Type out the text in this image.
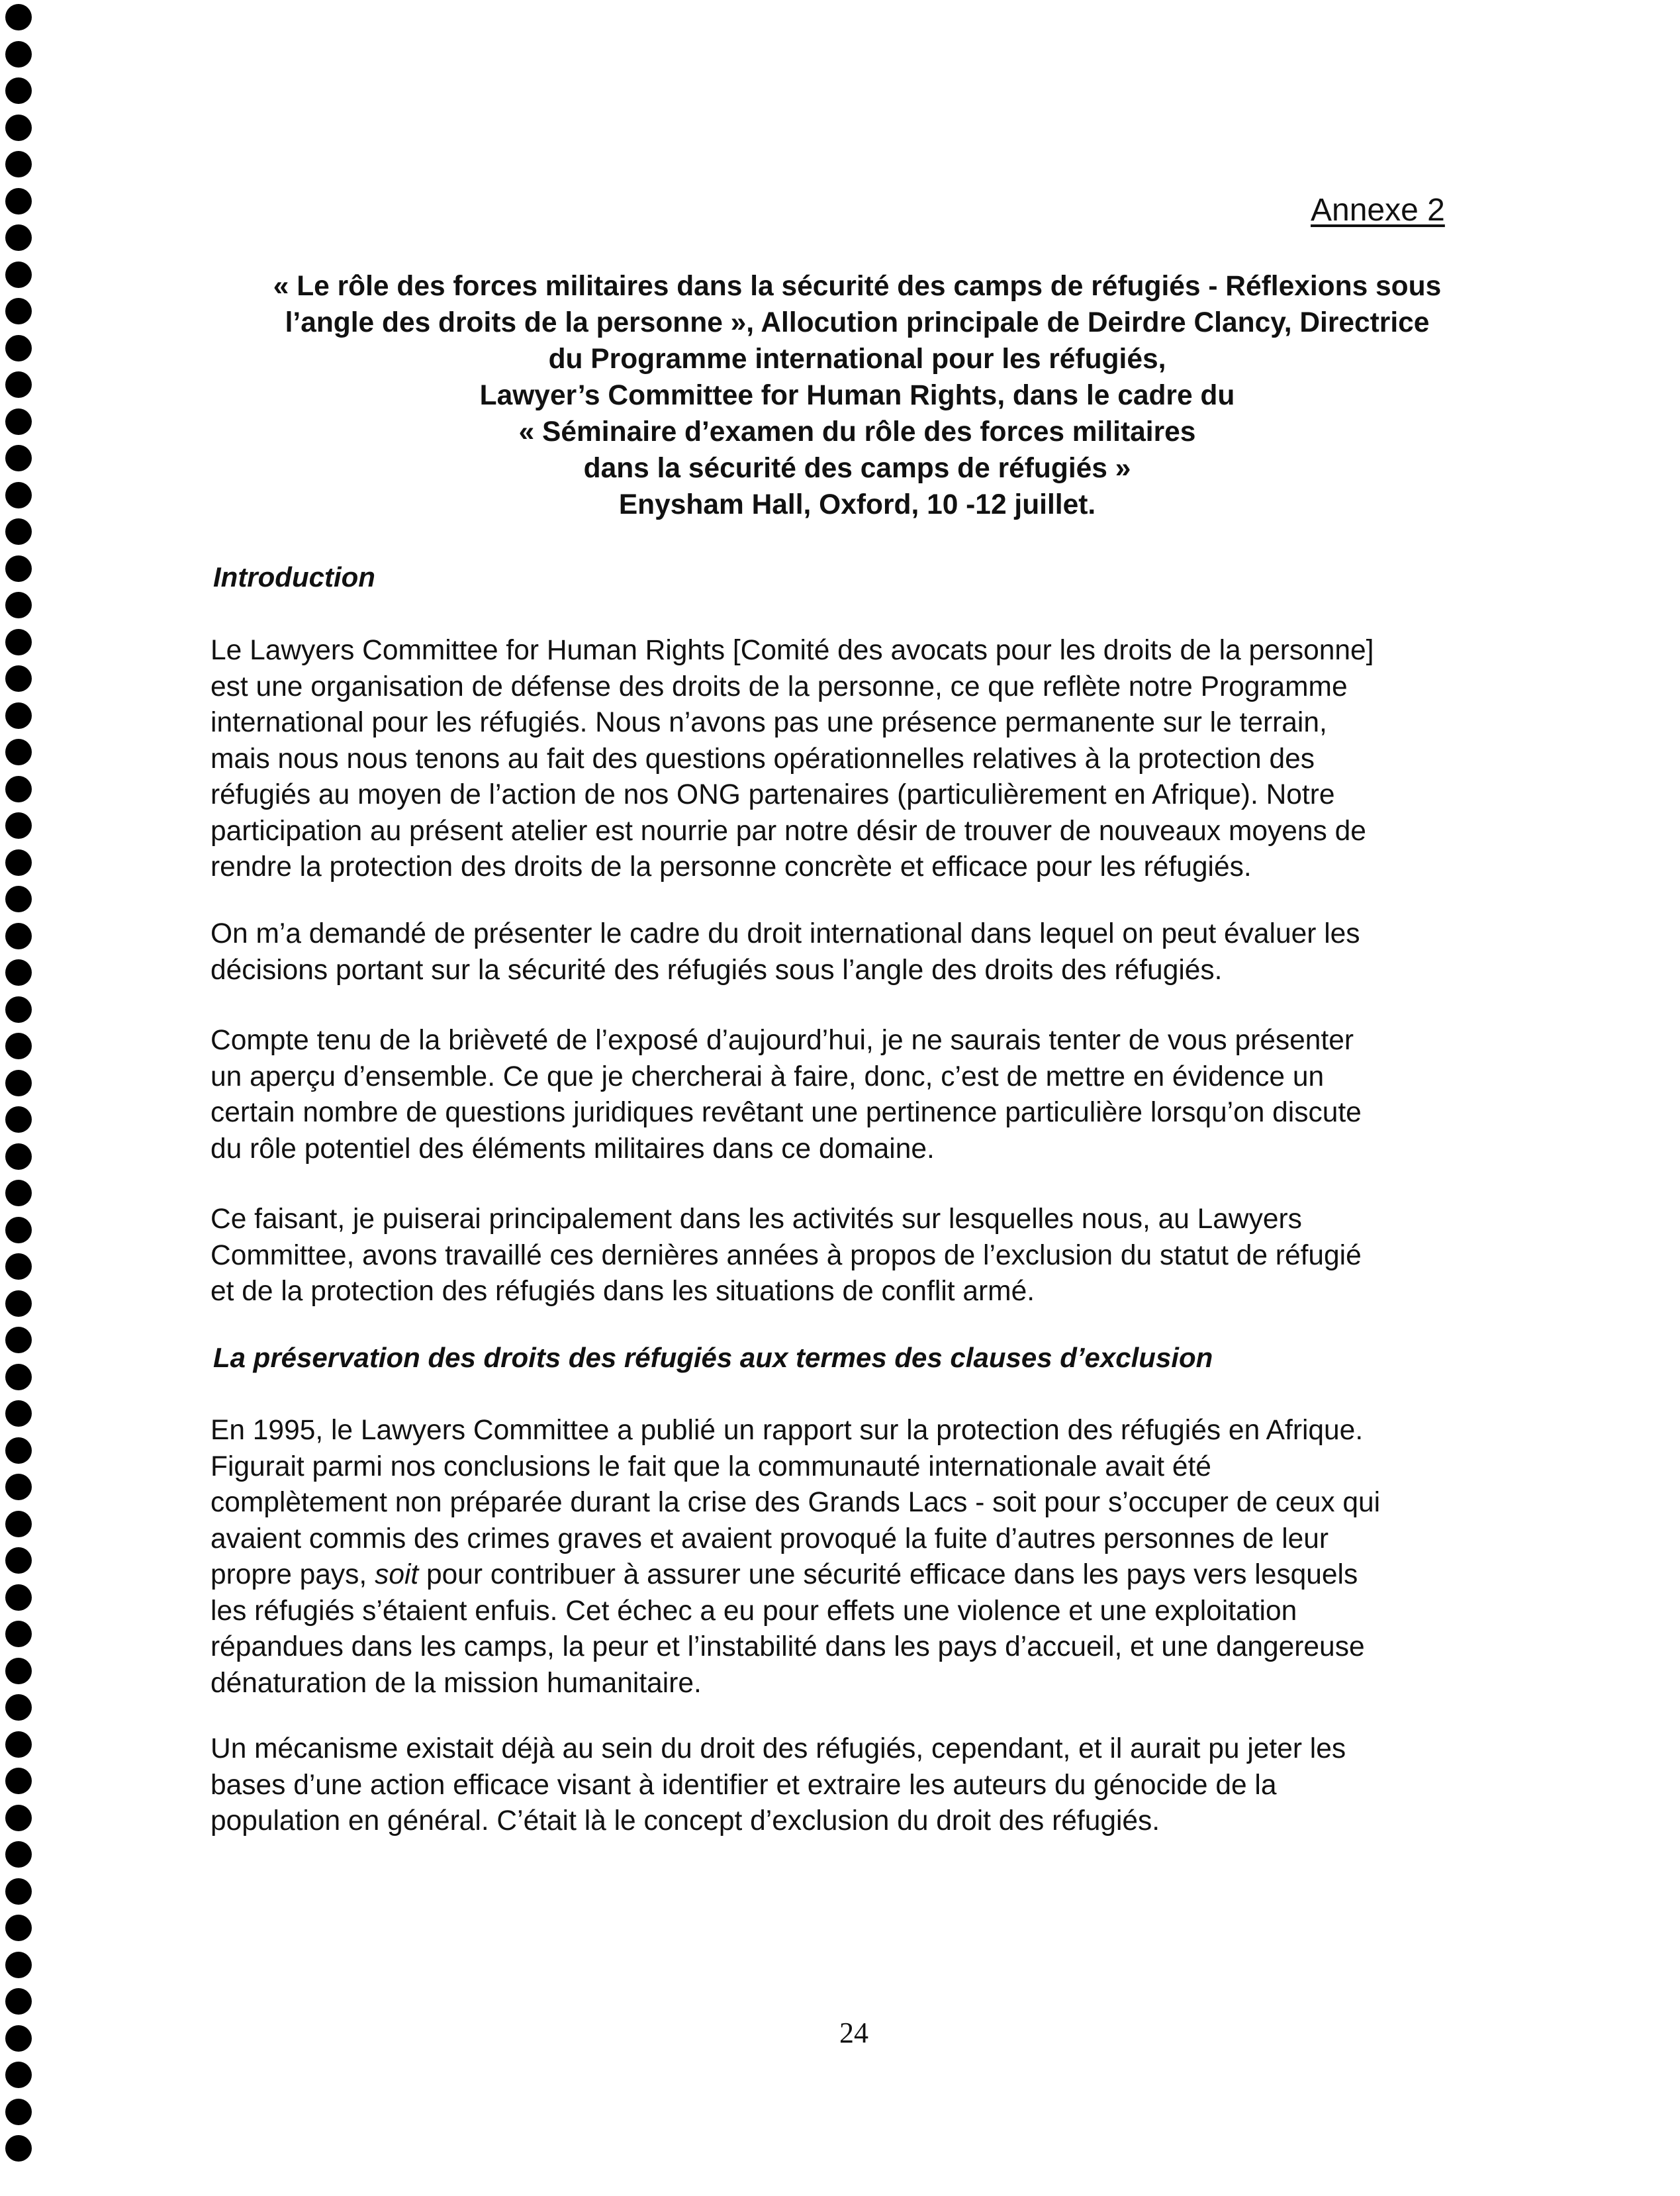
Annexe 2
« Le rôle des forces militaires dans la sécurité des camps de réfugiés - Réflexions sous
l’angle des droits de la personne », Allocution principale de Deirdre Clancy, Directrice
du Programme international pour les réfugiés,
Lawyer’s Committee for Human Rights, dans le cadre du
« Séminaire d’examen du rôle des forces militaires
dans la sécurité des camps de réfugiés »
Enysham Hall, Oxford, 10 -12 juillet.
Introduction
Le Lawyers Committee for Human Rights [Comité des avocats pour les droits de la personne]
est une organisation de défense des droits de la personne, ce que reflète notre Programme
international pour les réfugiés. Nous n’avons pas une présence permanente sur le terrain,
mais nous nous tenons au fait des questions opérationnelles relatives à la protection des
réfugiés au moyen de l’action de nos ONG partenaires (particulièrement en Afrique). Notre
participation au présent atelier est nourrie par notre désir de trouver de nouveaux moyens de
rendre la protection des droits de la personne concrète et efficace pour les réfugiés.
On m’a demandé de présenter le cadre du droit international dans lequel on peut évaluer les
décisions portant sur la sécurité des réfugiés sous l’angle des droits des réfugiés.
Compte tenu de la brièveté de l’exposé d’aujourd’hui, je ne saurais tenter de vous présenter
un aperçu d’ensemble. Ce que je chercherai à faire, donc, c’est de mettre en évidence un
certain nombre de questions juridiques revêtant une pertinence particulière lorsqu’on discute
du rôle potentiel des éléments militaires dans ce domaine.
Ce faisant, je puiserai principalement dans les activités sur lesquelles nous, au Lawyers
Committee, avons travaillé ces dernières années à propos de l’exclusion du statut de réfugié
et de la protection des réfugiés dans les situations de conflit armé.
La préservation des droits des réfugiés aux termes des clauses d’exclusion
En 1995, le Lawyers Committee a publié un rapport sur la protection des réfugiés en Afrique.
Figurait parmi nos conclusions le fait que la communauté internationale avait été
complètement non préparée durant la crise des Grands Lacs - soit pour s’occuper de ceux qui
avaient commis des crimes graves et avaient provoqué la fuite d’autres personnes de leur
propre pays, soit pour contribuer à assurer une sécurité efficace dans les pays vers lesquels
les réfugiés s’étaient enfuis. Cet échec a eu pour effets une violence et une exploitation
répandues dans les camps, la peur et l’instabilité dans les pays d’accueil, et une dangereuse
dénaturation de la mission humanitaire.
Un mécanisme existait déjà au sein du droit des réfugiés, cependant, et il aurait pu jeter les
bases d’une action efficace visant à identifier et extraire les auteurs du génocide de la
population en général. C’était là le concept d’exclusion du droit des réfugiés.
24
